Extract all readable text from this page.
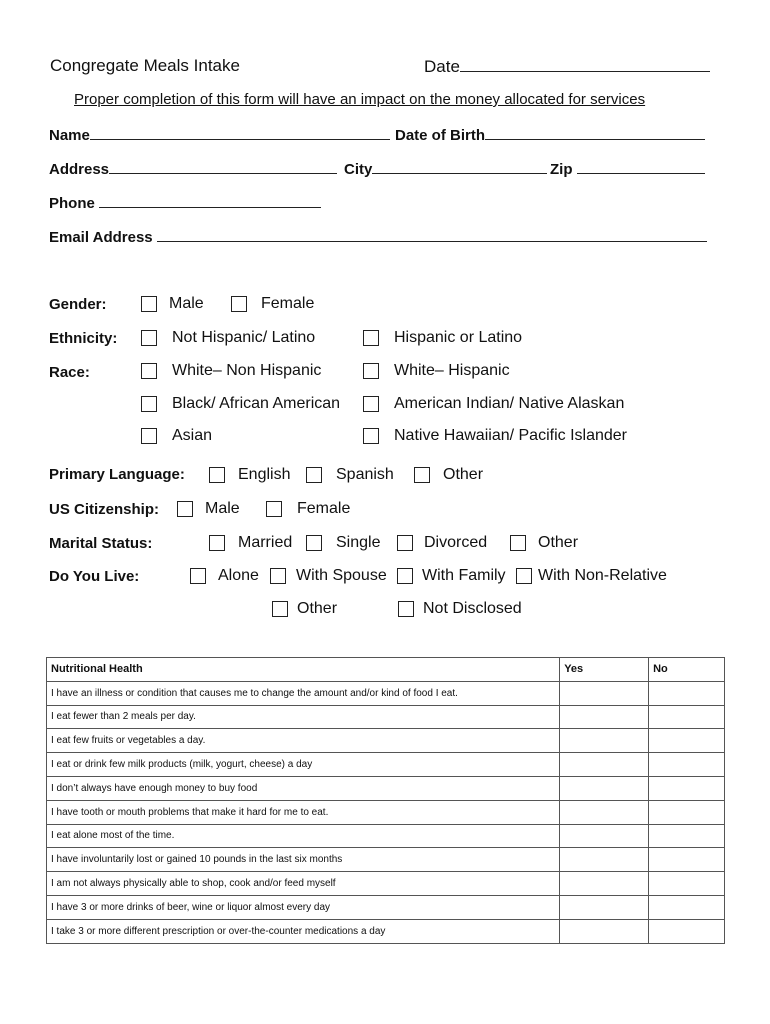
Congregate Meals Intake	Date
Proper completion of this form will have an impact on the money allocated for services
Name	Date of Birth
Address	City	Zip
Phone
Email Address
Gender:	Male	Female
Ethnicity:	Not Hispanic/ Latino	Hispanic or Latino
Race:	White– Non Hispanic	White– Hispanic
Black/ African American	American Indian/ Native Alaskan
Asian	Native Hawaiian/ Pacific Islander
Primary Language:	English	Spanish	Other
US Citizenship:	Male	Female
Marital Status:	Married	Single	Divorced	Other
Do You Live:	Alone With Spouse With Family With Non-Relative
Other	Not Disclosed
Nutritional Health	Yes	No
I have an illness or condition that causes me to change the amount and/or kind of food I eat.		
I eat fewer than 2 meals per day.		
I eat few fruits or vegetables a day.		
I eat or drink few milk products (milk, yogurt, cheese) a day		
I don’t always have enough money to buy food		
I have tooth or mouth problems that make it hard for me to eat.		
I eat alone most of the time.		
I have involuntarily lost or gained 10 pounds in the last six months		
I am not always physically able to shop, cook and/or feed myself		
I have 3 or more drinks of beer, wine or liquor almost every day		
I take 3 or more different prescription or over-the-counter medications a day		
